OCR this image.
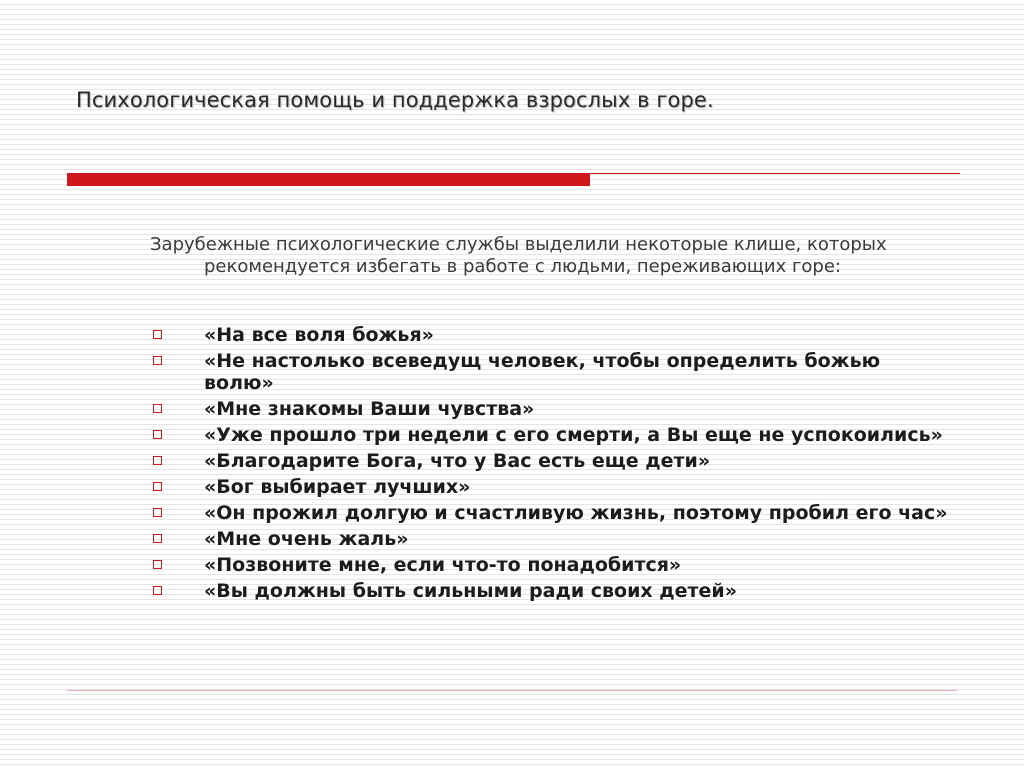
Психологическая помощь и поддержка взрослых в горе.

Зарубежные психологические службы выделили некоторые клише, которых рекомендуется избегать в работе с людьми, переживающих горе:

«На все воля божья»
«Не настолько всеведущ человек, чтобы определить божью волю»
«Мне знакомы Ваши чувства»
«Уже прошло три недели с его смерти, а Вы еще не успокоились»
«Благодарите Бога, что у Вас есть еще дети»
«Бог выбирает лучших»
«Он прожил долгую и счастливую жизнь, поэтому пробил его час»
«Мне очень жаль»
«Позвоните мне, если что-то понадобится»
«Вы должны быть сильными ради своих детей»
